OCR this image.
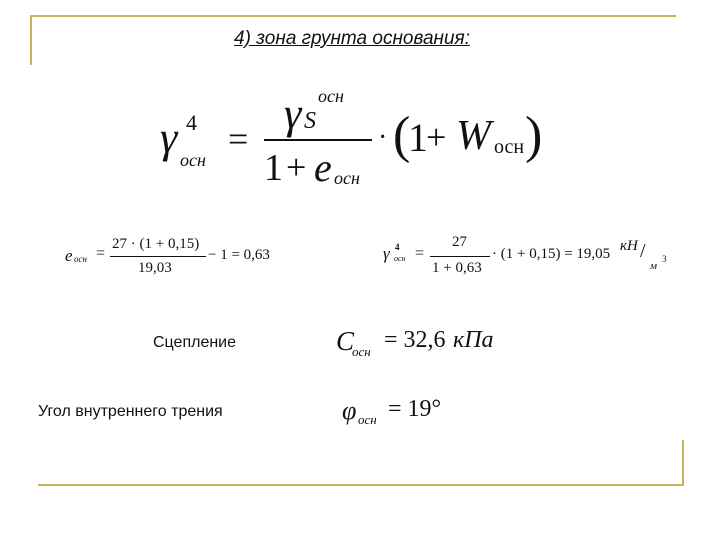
4) зона грунта основания:
γ 4
осн
=
γ S
осн
1 + e осн
· (
1
+ W осн )
e осн =
27 · (1 + 0,15)
19,03
− 1 = 0,63	γ 4
осн =
27
1 + 0,63
· (1 + 0,15) = 19,05 кН /
м
3
Сцепление	C
осн = 32,6 кПа
Угол внутреннего трения	φ осн = 19°
